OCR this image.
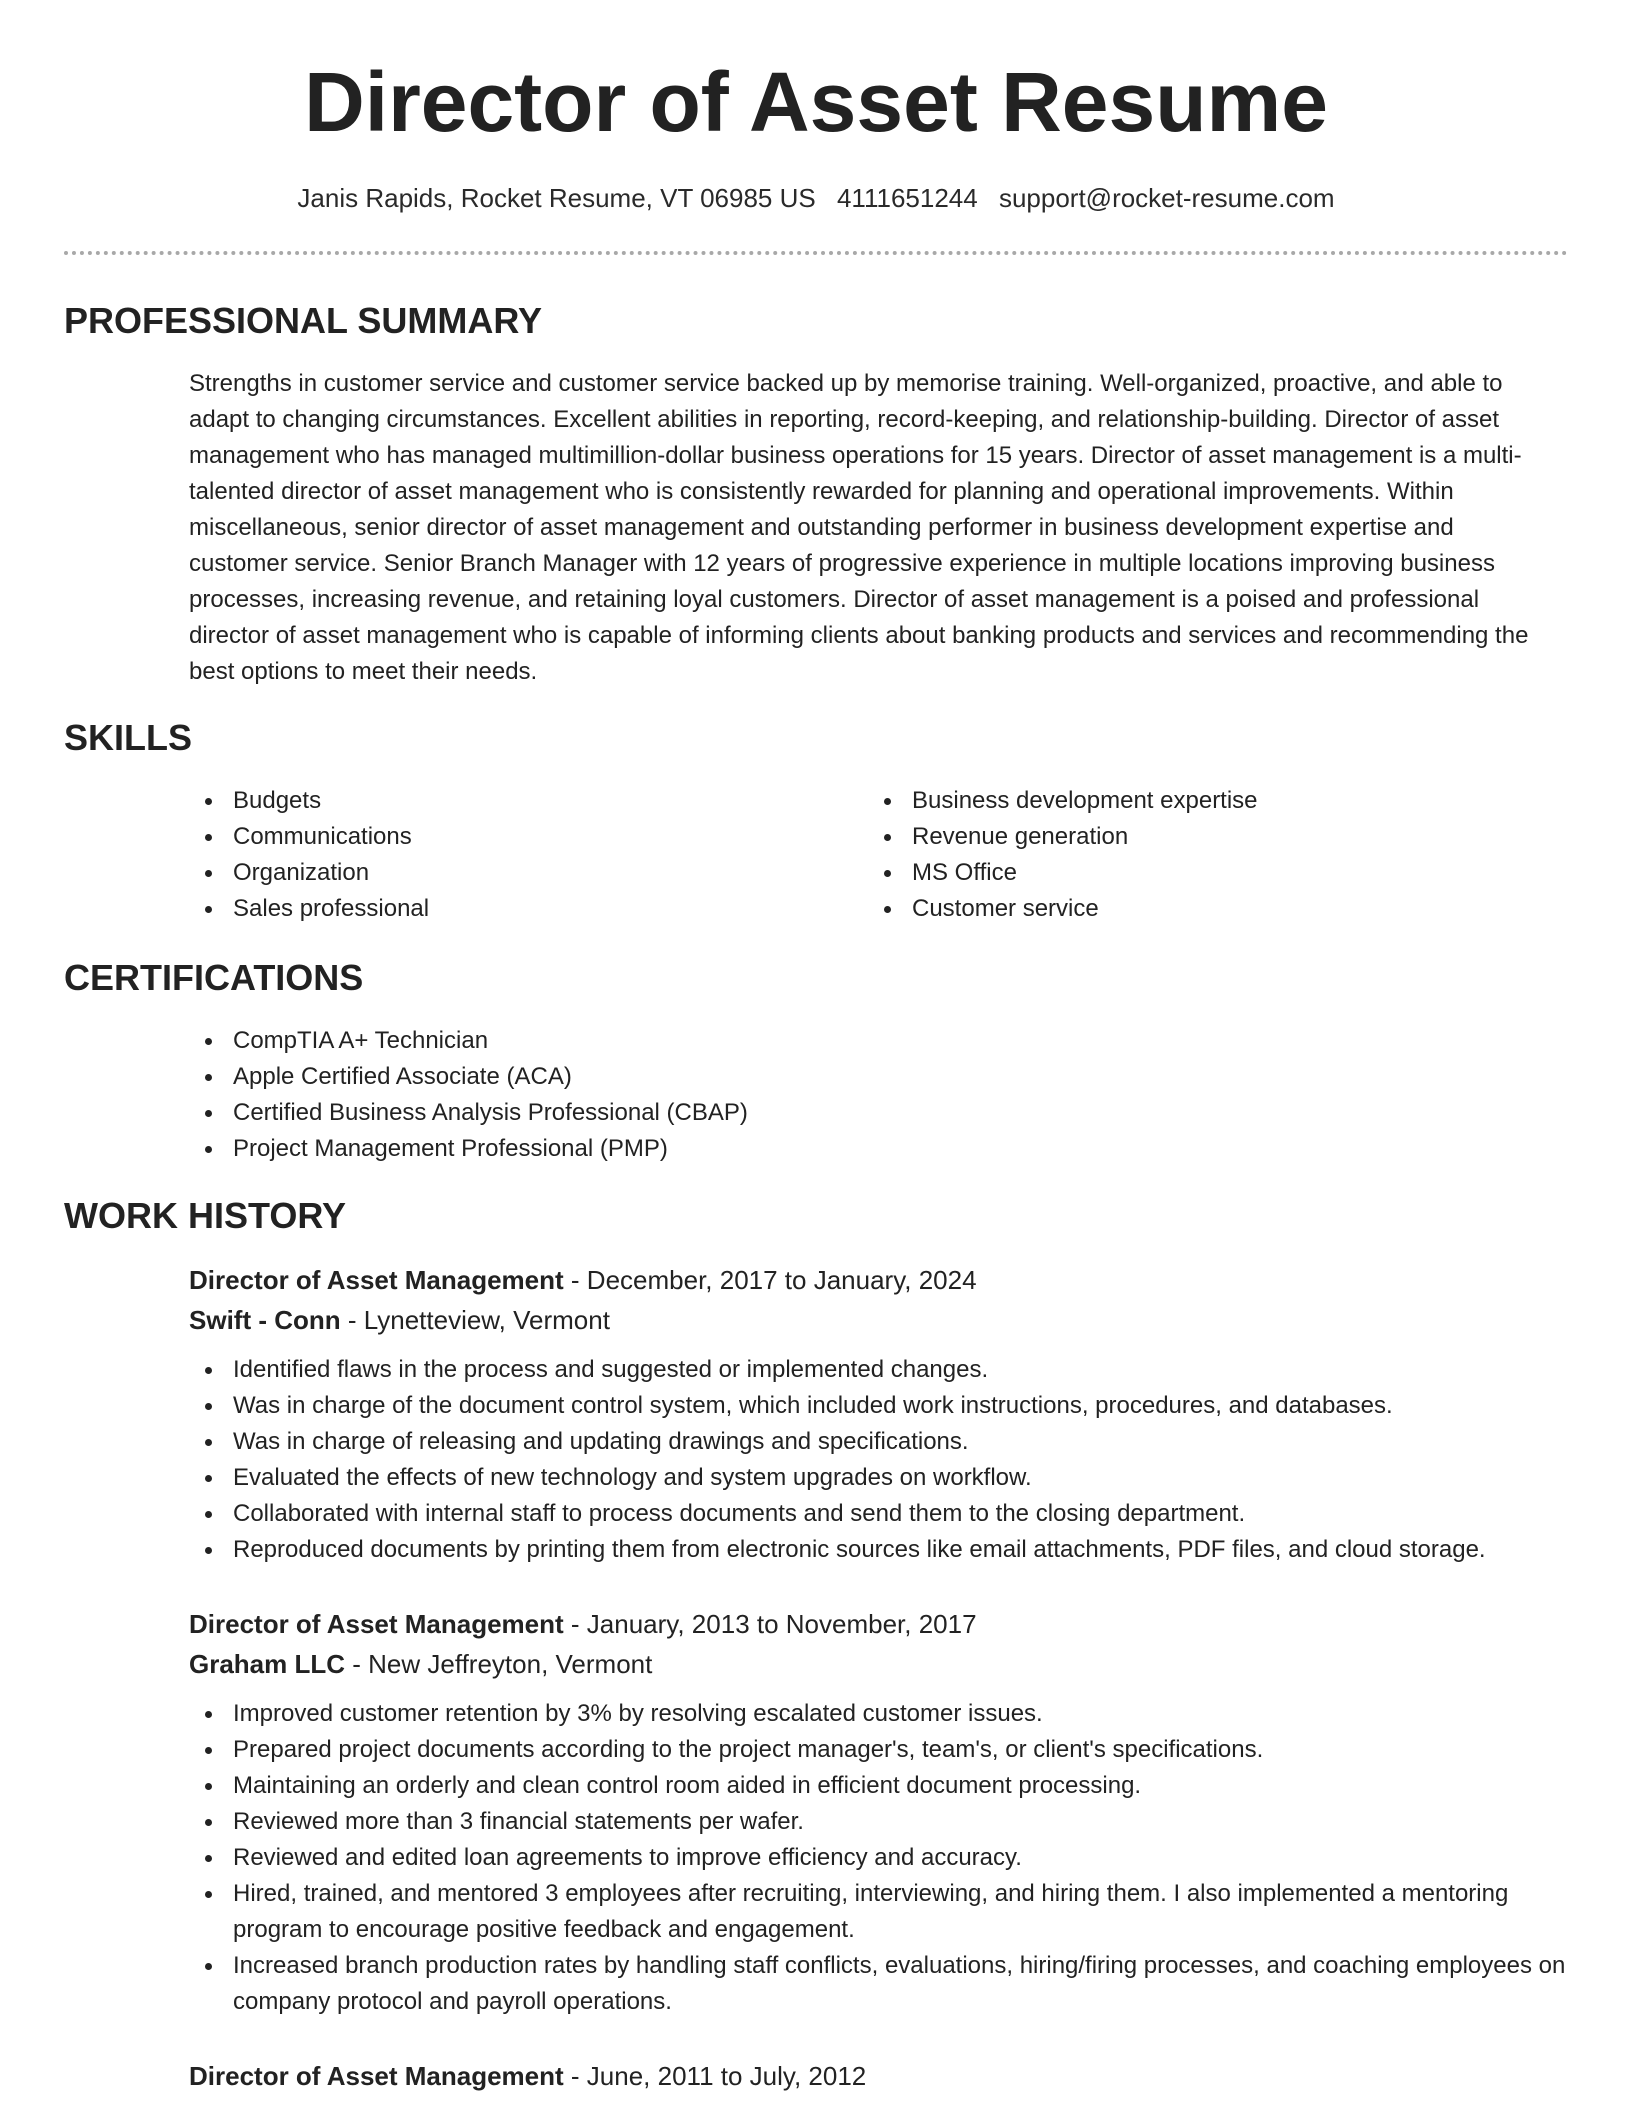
Director of Asset Resume
Janis Rapids, Rocket Resume, VT 06985 US 4111651244 support@rocket-resume.com
PROFESSIONAL SUMMARY

Strengths in customer service and customer service backed up by memorise training. Well-organized, proactive, and able to adapt to changing circumstances. Excellent abilities in reporting, record-keeping, and relationship-building. Director of asset management who has managed multimillion-dollar business operations for 15 years. Director of asset management is a multi-talented director of asset management who is consistently rewarded for planning and operational improvements. Within miscellaneous, senior director of asset management and outstanding performer in business development expertise and customer service. Senior Branch Manager with 12 years of progressive experience in multiple locations improving business processes, increasing revenue, and retaining loyal customers. Director of asset management is a poised and professional director of asset management who is capable of informing clients about banking products and services and recommending the best options to meet their needs.

SKILLS
Budgets
Communications
Organization
Sales professional
Business development expertise
Revenue generation
MS Office
Customer service
CERTIFICATIONS
CompTIA A+ Technician
Apple Certified Associate (ACA)
Certified Business Analysis Professional (CBAP)
Project Management Professional (PMP)
WORK HISTORY

Director of Asset Management - December, 2017 to January, 2024

Swift - Conn - Lynetteview, Vermont

Identified flaws in the process and suggested or implemented changes.
Was in charge of the document control system, which included work instructions, procedures, and databases.
Was in charge of releasing and updating drawings and specifications.
Evaluated the effects of new technology and system upgrades on workflow.
Collaborated with internal staff to process documents and send them to the closing department.
Reproduced documents by printing them from electronic sources like email attachments, PDF files, and cloud storage.

Director of Asset Management - January, 2013 to November, 2017

Graham LLC - New Jeffreyton, Vermont

Improved customer retention by 3% by resolving escalated customer issues.
Prepared project documents according to the project manager's, team's, or client's specifications.
Maintaining an orderly and clean control room aided in efficient document processing.
Reviewed more than 3 financial statements per wafer.
Reviewed and edited loan agreements to improve efficiency and accuracy.
Hired, trained, and mentored 3 employees after recruiting, interviewing, and hiring them. I also implemented a mentoring program to encourage positive feedback and engagement.
Increased branch production rates by handling staff conflicts, evaluations, hiring/firing processes, and coaching employees on company protocol and payroll operations.

Director of Asset Management - June, 2011 to July, 2012
